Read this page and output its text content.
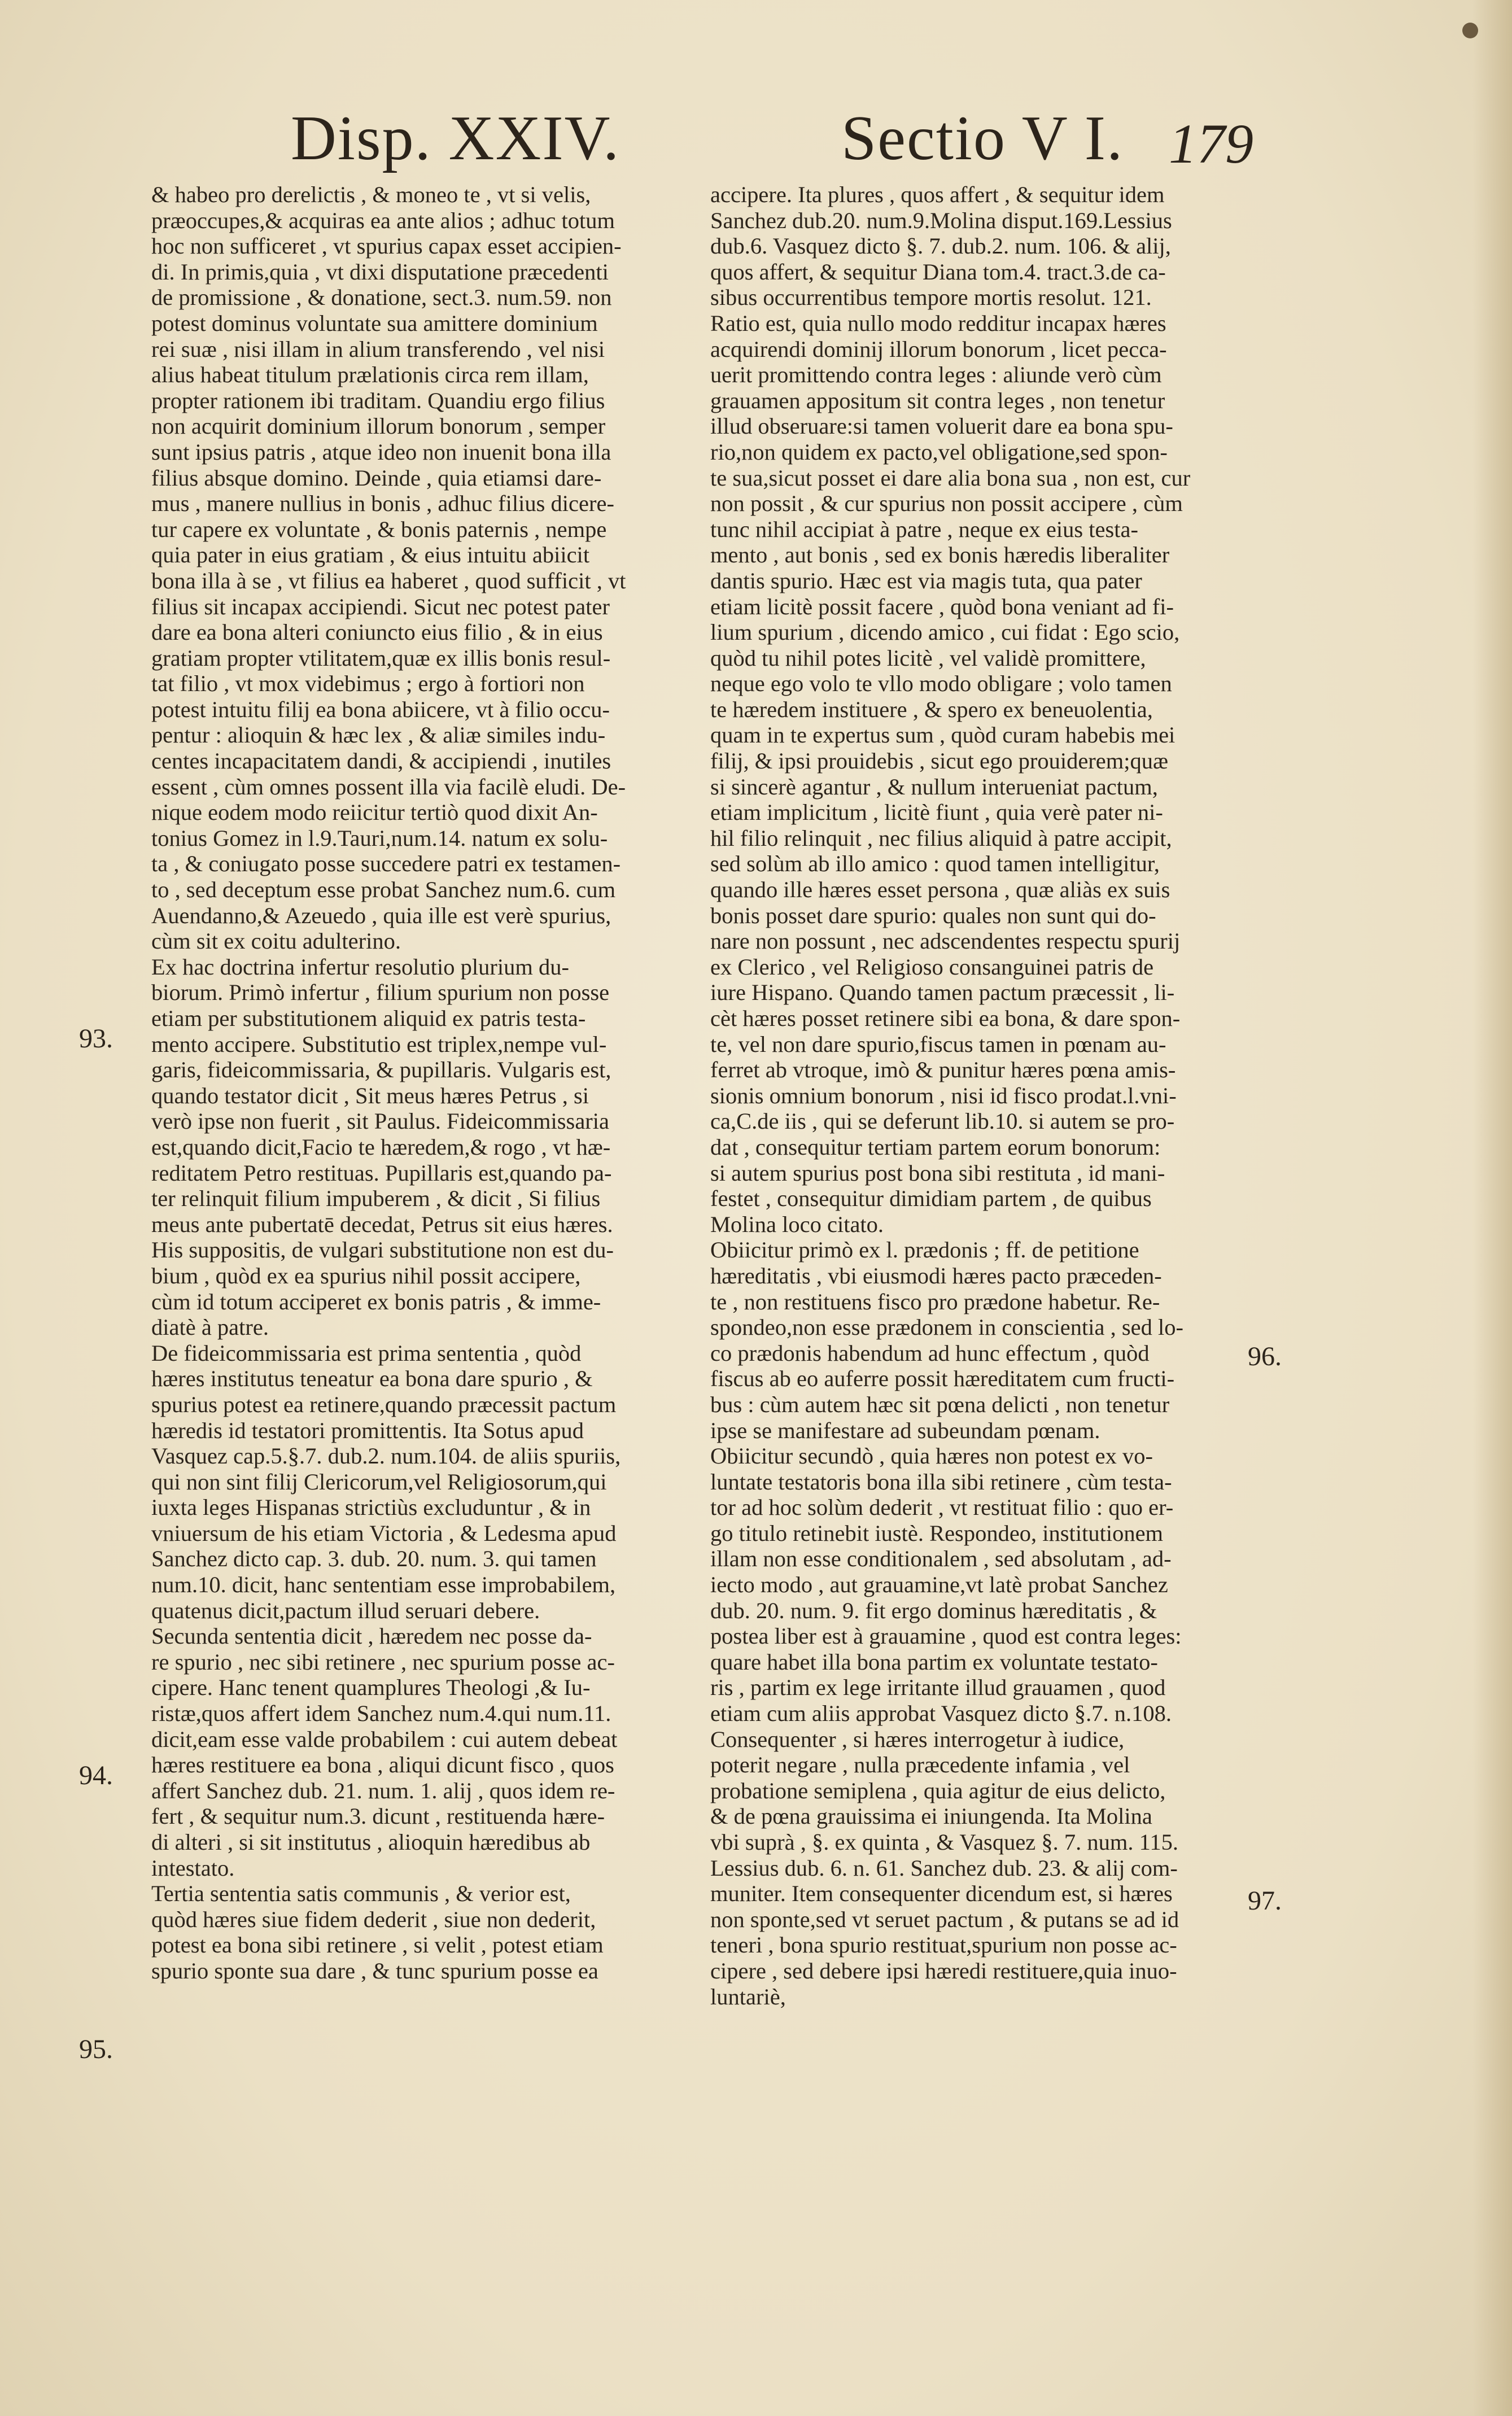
Disp. XXIV.	Sectio V I. 179
& habeo pro derelictis , & moneo te , vt si velis,
præoccupes,& acquiras ea ante alios ; adhuc totum
hoc non sufficeret , vt spurius capax esset accipien-
di. In primis,quia , vt dixi disputatione præcedenti
de promissione , & donatione, sect.3. num.59. non
potest dominus voluntate sua amittere dominium
rei suæ , nisi illam in alium transferendo , vel nisi
alius habeat titulum prælationis circa rem illam,
propter rationem ibi traditam. Quandiu ergo filius
non acquirit dominium illorum bonorum , semper
sunt ipsius patris , atque ideo non inuenit bona illa
filius absque domino. Deinde , quia etiamsi dare-
mus , manere nullius in bonis , adhuc filius dicere-
tur capere ex voluntate , & bonis paternis , nempe
quia pater in eius gratiam , & eius intuitu abiicit
bona illa à se , vt filius ea haberet , quod sufficit , vt
filius sit incapax accipiendi. Sicut nec potest pater
dare ea bona alteri coniuncto eius filio , & in eius
gratiam propter vtilitatem,quæ ex illis bonis resul-
tat filio , vt mox videbimus ; ergo à fortiori non
potest intuitu filij ea bona abiicere, vt à filio occu-
pentur : alioquin & hæc lex , & aliæ similes indu-
centes incapacitatem dandi, & accipiendi , inutiles
essent , cùm omnes possent illa via facilè eludi. De-
nique eodem modo reiicitur tertiò quod dixit An-
tonius Gomez in l.9.Tauri,num.14. natum ex solu-
ta , & coniugato posse succedere patri ex testamen-
to , sed deceptum esse probat Sanchez num.6. cum
Auendanno,& Azeuedo , quia ille est verè spurius,
cùm sit ex coitu adulterino.
Ex hac doctrina infertur resolutio plurium du-
biorum. Primò infertur , filium spurium non posse
etiam per substitutionem aliquid ex patris testa-
mento accipere. Substitutio est triplex,nempe vul-
garis, fideicommissaria, & pupillaris. Vulgaris est,
quando testator dicit , Sit meus hæres Petrus , si
verò ipse non fuerit , sit Paulus. Fideicommissaria
est,quando dicit,Facio te hæredem,& rogo , vt hæ-
reditatem Petro restituas. Pupillaris est,quando pa-
ter relinquit filium impuberem , & dicit , Si filius
meus ante pubertatē decedat, Petrus sit eius hæres.
His suppositis, de vulgari substitutione non est du-
bium , quòd ex ea spurius nihil possit accipere,
cùm id totum acciperet ex bonis patris , & imme-
diatè à patre.
De fideicommissaria est prima sententia , quòd
hæres institutus teneatur ea bona dare spurio , &
spurius potest ea retinere,quando præcessit pactum
hæredis id testatori promittentis. Ita Sotus apud
Vasquez cap.5.§.7. dub.2. num.104. de aliis spuriis,
qui non sint filij Clericorum,vel Religiosorum,qui
iuxta leges Hispanas strictiùs excluduntur , & in
vniuersum de his etiam Victoria , & Ledesma apud
Sanchez dicto cap. 3. dub. 20. num. 3. qui tamen
num.10. dicit, hanc sententiam esse improbabilem,
quatenus dicit,pactum illud seruari debere.
Secunda sententia dicit , hæredem nec posse da-
re spurio , nec sibi retinere , nec spurium posse ac-
cipere. Hanc tenent quamplures Theologi ,& Iu-
ristæ,quos affert idem Sanchez num.4.qui num.11.
dicit,eam esse valde probabilem : cui autem debeat
hæres restituere ea bona , aliqui dicunt fisco , quos
affert Sanchez dub. 21. num. 1. alij , quos idem re-
fert , & sequitur num.3. dicunt , restituenda hære-
di alteri , si sit institutus , alioquin hæredibus ab
intestato.
Tertia sententia satis communis , & verior est,
quòd hæres siue fidem dederit , siue non dederit,
potest ea bona sibi retinere , si velit , potest etiam
spurio sponte sua dare , & tunc spurium posse ea
accipere. Ita plures , quos affert , & sequitur idem
Sanchez dub.20. num.9.Molina disput.169.Lessius
dub.6. Vasquez dicto §. 7. dub.2. num. 106. & alij,
quos affert, & sequitur Diana tom.4. tract.3.de ca-
sibus occurrentibus tempore mortis resolut. 121.
Ratio est, quia nullo modo redditur incapax hæres
acquirendi dominij illorum bonorum , licet pecca-
uerit promittendo contra leges : aliunde verò cùm
grauamen appositum sit contra leges , non tenetur
illud obseruare:si tamen voluerit dare ea bona spu-
rio,non quidem ex pacto,vel obligatione,sed spon-
te sua,sicut posset ei dare alia bona sua , non est, cur
non possit , & cur spurius non possit accipere , cùm
tunc nihil accipiat à patre , neque ex eius testa-
mento , aut bonis , sed ex bonis hæredis liberaliter
dantis spurio. Hæc est via magis tuta, qua pater
etiam licitè possit facere , quòd bona veniant ad fi-
lium spurium , dicendo amico , cui fidat : Ego scio,
quòd tu nihil potes licitè , vel validè promittere,
neque ego volo te vllo modo obligare ; volo tamen
te hæredem instituere , & spero ex beneuolentia,
quam in te expertus sum , quòd curam habebis mei
filij, & ipsi prouidebis , sicut ego prouiderem;quæ
si sincerè agantur , & nullum interueniat pactum,
etiam implicitum , licitè fiunt , quia verè pater ni-
hil filio relinquit , nec filius aliquid à patre accipit,
sed solùm ab illo amico : quod tamen intelligitur,
quando ille hæres esset persona , quæ aliàs ex suis
bonis posset dare spurio: quales non sunt qui do-
nare non possunt , nec adscendentes respectu spurij
ex Clerico , vel Religioso consanguinei patris de
iure Hispano. Quando tamen pactum præcessit , li-
cèt hæres posset retinere sibi ea bona, & dare spon-
te, vel non dare spurio,fiscus tamen in pœnam au-
ferret ab vtroque, imò & punitur hæres pœna amis-
sionis omnium bonorum , nisi id fisco prodat.l.vni-
ca,C.de iis , qui se deferunt lib.10. si autem se pro-
dat , consequitur tertiam partem eorum bonorum:
si autem spurius post bona sibi restituta , id mani-
festet , consequitur dimidiam partem , de quibus
Molina loco citato.
Obiicitur primò ex l. prædonis ; ff. de petitione
hæreditatis , vbi eiusmodi hæres pacto præceden-
te , non restituens fisco pro prædone habetur. Re-
spondeo,non esse prædonem in conscientia , sed lo-
co prædonis habendum ad hunc effectum , quòd
fiscus ab eo auferre possit hæreditatem cum fructi-
bus : cùm autem hæc sit pœna delicti , non tenetur
ipse se manifestare ad subeundam pœnam.
Obiicitur secundò , quia hæres non potest ex vo-
luntate testatoris bona illa sibi retinere , cùm testa-
tor ad hoc solùm dederit , vt restituat filio : quo er-
go titulo retinebit iustè. Respondeo, institutionem
illam non esse conditionalem , sed absolutam , ad-
iecto modo , aut grauamine,vt latè probat Sanchez
dub. 20. num. 9. fit ergo dominus hæreditatis , &
postea liber est à grauamine , quod est contra leges:
quare habet illa bona partim ex voluntate testato-
ris , partim ex lege irritante illud grauamen , quod
etiam cum aliis approbat Vasquez dicto §.7. n.108.
Consequenter , si hæres interrogetur à iudice,
poterit negare , nulla præcedente infamia , vel
probatione semiplena , quia agitur de eius delicto,
& de pœna grauissima ei iniungenda. Ita Molina
vbi suprà , §. ex quinta , & Vasquez §. 7. num. 115.
Lessius dub. 6. n. 61. Sanchez dub. 23. & alij com-
muniter. Item consequenter dicendum est, si hæres
non sponte,sed vt seruet pactum , & putans se ad id
teneri , bona spurio restituat,spurium non posse ac-
cipere , sed debere ipsi hæredi restituere,quia inuo-
luntariè,
93.
94.
95.
96.
97.
